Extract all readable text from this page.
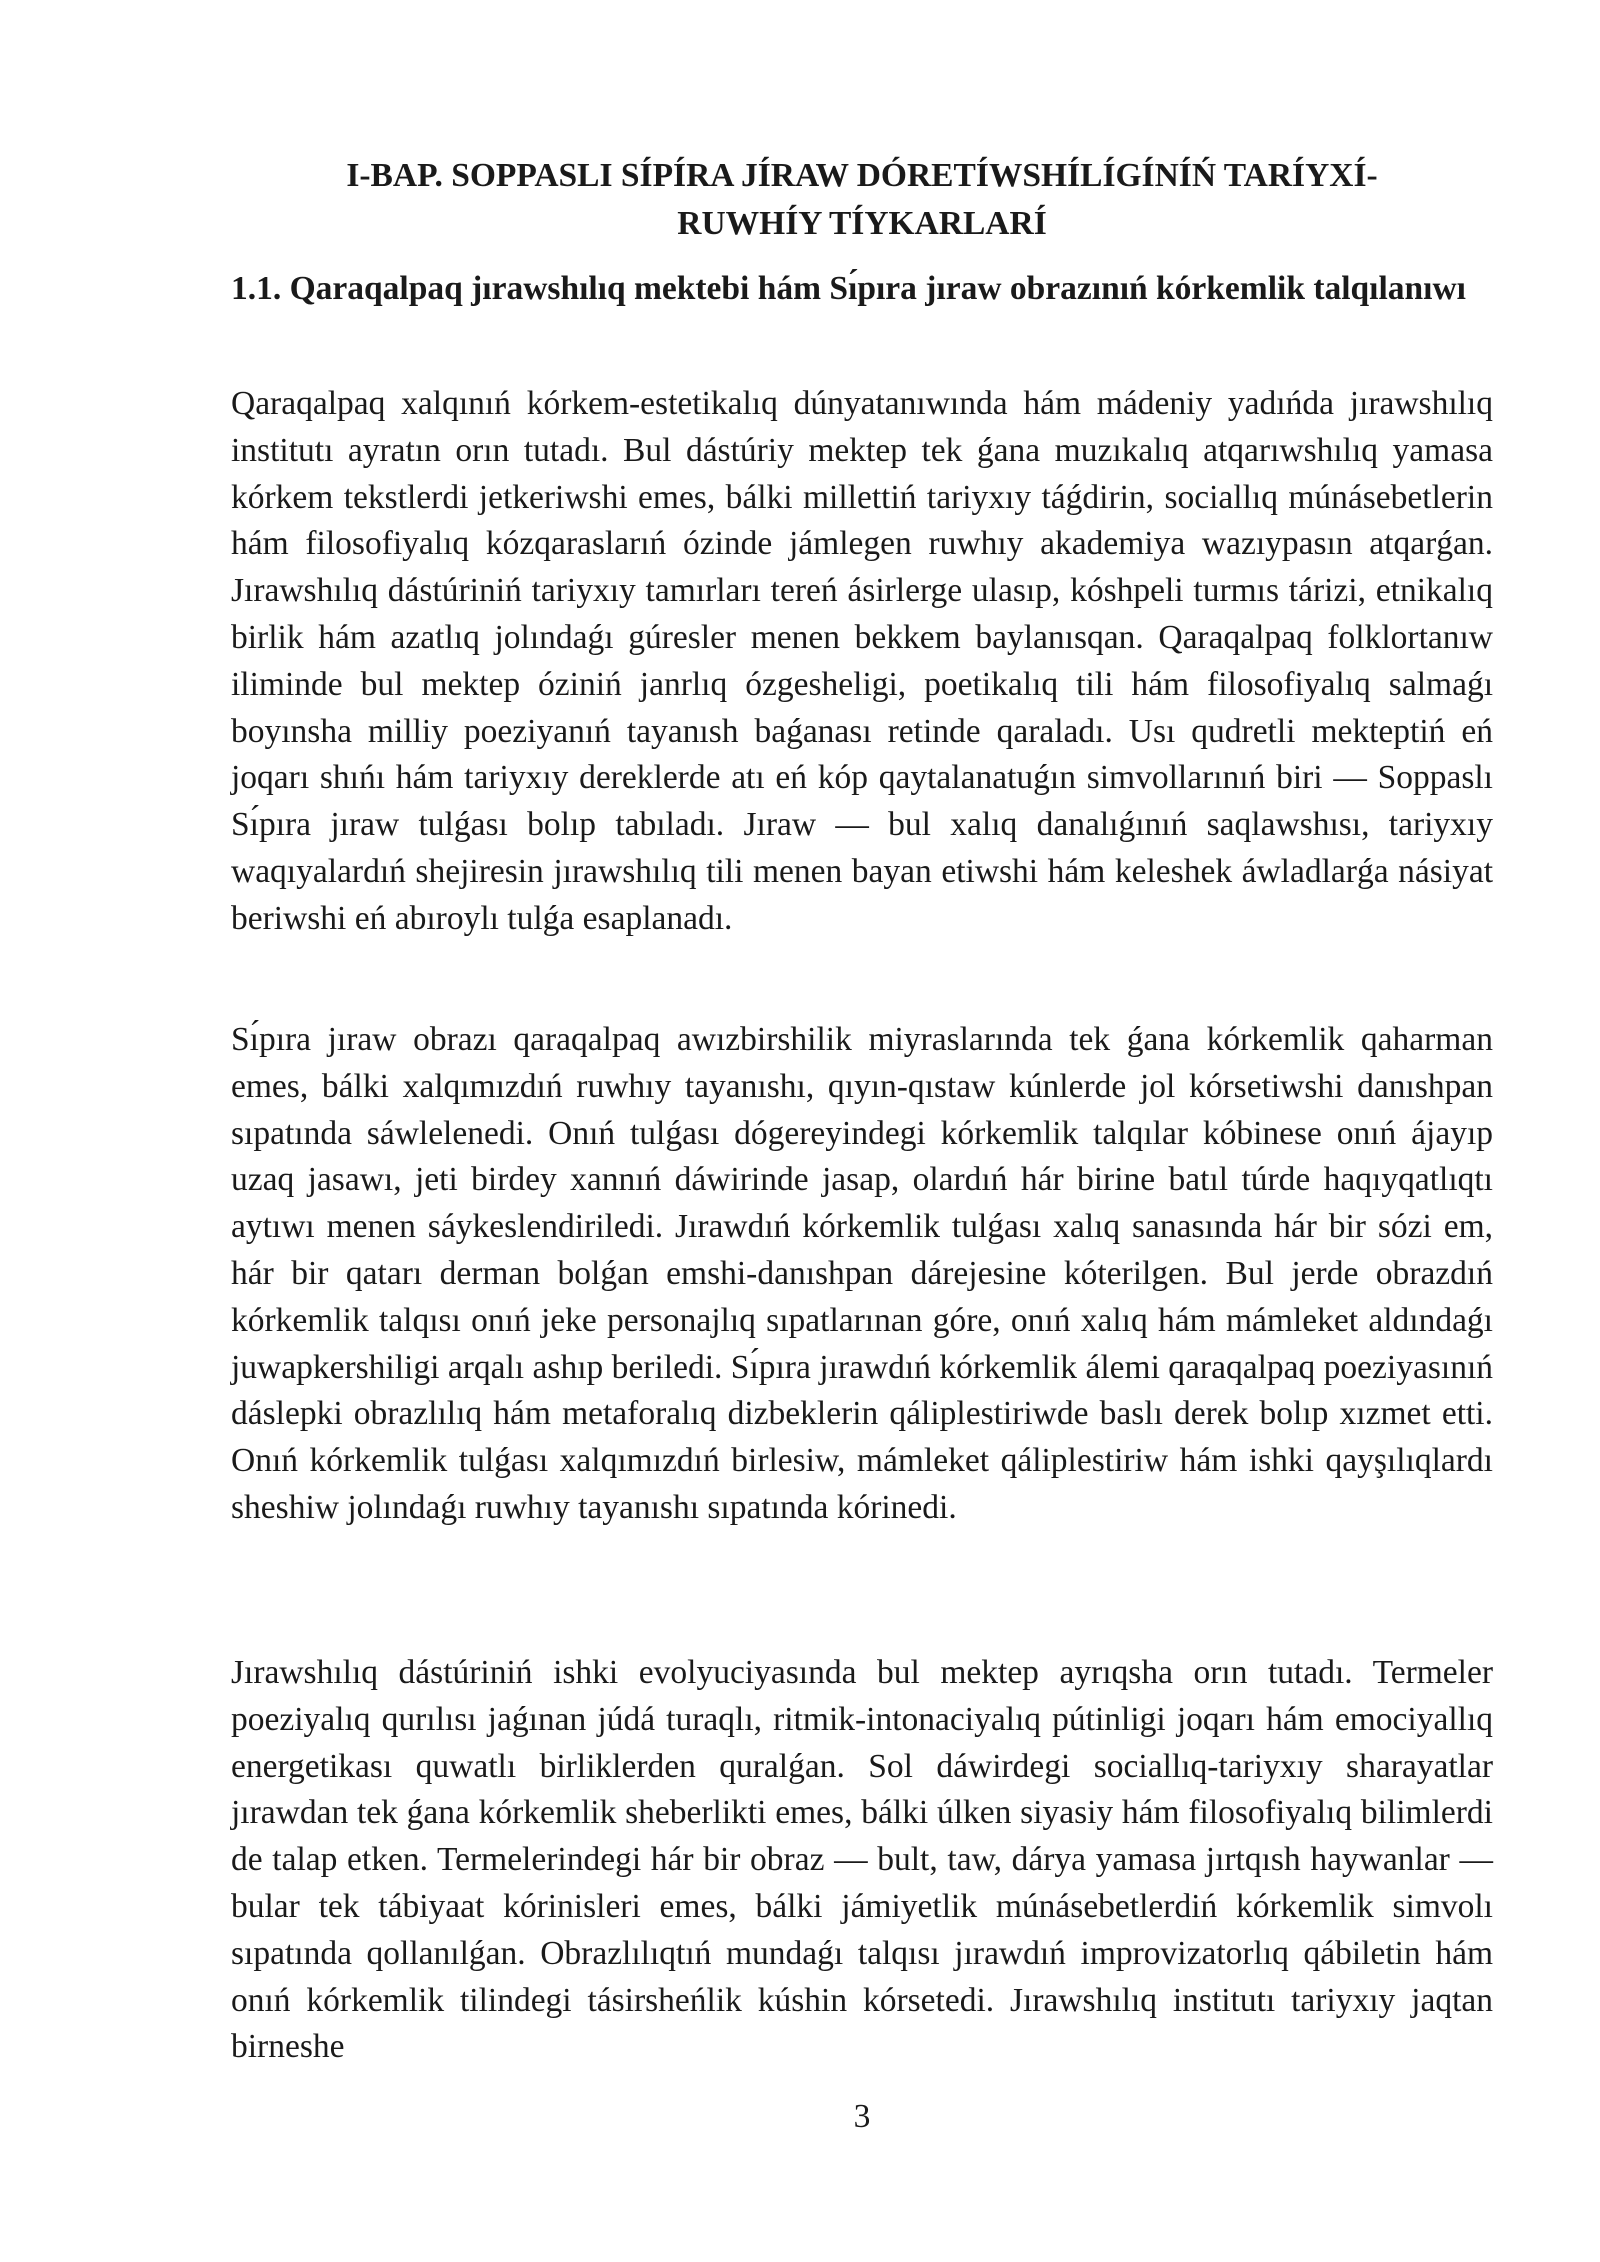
I-BAP. SOPPASLI SÍPÍRA JÍRAW DÓRETÍWSHÍLÍGÍNÍŃ TARÍYXÍ-
RUWHÍY TÍYKARLARÍ
1.1. Qaraqalpaq jırawshılıq mektebi hám Sı́pıra jıraw obrazınıń kórkemlik talqılanıwı

Qaraqalpaq xalqınıń kórkem-estetikalıq dúnyatanıwında hám mádeniy yadıńda jırawshılıq institutı ayratın orın tutadı. Bul dástúriy mektep tek ǵana muzıkalıq atqarıwshılıq yamasa kórkem tekstlerdi jetkeriwshi emes, bálki millettiń tariyxıy táǵdirin, sociallıq múnásebetlerin hám filosofiyalıq kózqaraslarıń ózinde jámlegen ruwhıy akademiya wazıypasın atqarǵan. Jırawshılıq dástúriniń tariyxıy tamırları tereń ásirlerge ulasıp, kóshpeli turmıs tárizi, etnikalıq birlik hám azatlıq jolındaǵı gúresler menen bekkem baylanısqan. Qaraqalpaq folklortanıw iliminde bul mektep óziniń janrlıq ózgesheligi, poetikalıq tili hám filosofiyalıq salmaǵı boyınsha milliy poeziyanıń tayanısh baǵanası retinde qaraladı. Usı qudretli mekteptiń eń joqarı shıńı hám tariyxıy dereklerde atı eń kóp qaytalanatuǵın simvollarınıń biri — Soppaslı Sı́pıra jıraw tulǵası bolıp tabıladı. Jıraw — bul xalıq danalıǵınıń saqlawshısı, tariyxıy waqıyalardıń shejiresin jırawshılıq tili menen bayan etiwshi hám keleshek áwladlarǵa násiyat beriwshi eń abıroylı tulǵa esaplanadı.

Sı́pıra jıraw obrazı qaraqalpaq awızbirshilik miyraslarında tek ǵana kórkemlik qaharman emes, bálki xalqımızdıń ruwhıy tayanıshı, qıyın-qıstaw kúnlerde jol kórsetiwshi danıshpan sıpatında sáwlelenedi. Onıń tulǵası dógereyindegi kórkemlik talqılar kóbinese onıń ájayıp uzaq jasawı, jeti birdey xannıń dáwirinde jasap, olardıń hár birine batıl túrde haqıyqatlıqtı aytıwı menen sáykeslendiriledi. Jırawdıń kórkemlik tulǵası xalıq sanasında hár bir sózi em, hár bir qatarı derman bolǵan emshi-danıshpan dárejesine kóterilgen. Bul jerde obrazdıń kórkemlik talqısı onıń jeke personajlıq sıpatlarınan góre, onıń xalıq hám mámleket aldındaǵı juwapkershiligi arqalı ashıp beriledi. Sı́pıra jırawdıń kórkemlik álemi qaraqalpaq poeziyasınıń dáslepki obrazlılıq hám metaforalıq dizbeklerin qáliplestiriwde baslı derek bolıp xızmet etti. Onıń kórkemlik tulǵası xalqımızdıń birlesiw, mámleket qáliplestiriw hám ishki qayşılıqlardı sheshiw jolındaǵı ruwhıy tayanıshı sıpatında kórinedi.

Jırawshılıq dástúriniń ishki evolyuciyasında bul mektep ayrıqsha orın tutadı. Termeler poeziyalıq qurılısı jaǵınan júdá turaqlı, ritmik-intonaciyalıq pútinligi joqarı hám emociyallıq energetikası quwatlı birliklerden quralǵan. Sol dáwirdegi sociallıq-tariyxıy sharayatlar jırawdan tek ǵana kórkemlik sheberlikti emes, bálki úlken siyasiy hám filosofiyalıq bilimlerdi de talap etken. Termelerindegi hár bir obraz — bult, taw, dárya yamasa jırtqısh haywanlar — bular tek tábiyaat kórinisleri emes, bálki jámiyetlik múnásebetlerdiń kórkemlik simvolı sıpatında qollanılǵan. Obrazlılıqtıń mundaǵı talqısı jırawdıń improvizatorlıq qábiletin hám onıń kórkemlik tilindegi tásirsheńlik kúshin kórsetedi. Jırawshılıq institutı tariyxıy jaqtan birneshe

3
